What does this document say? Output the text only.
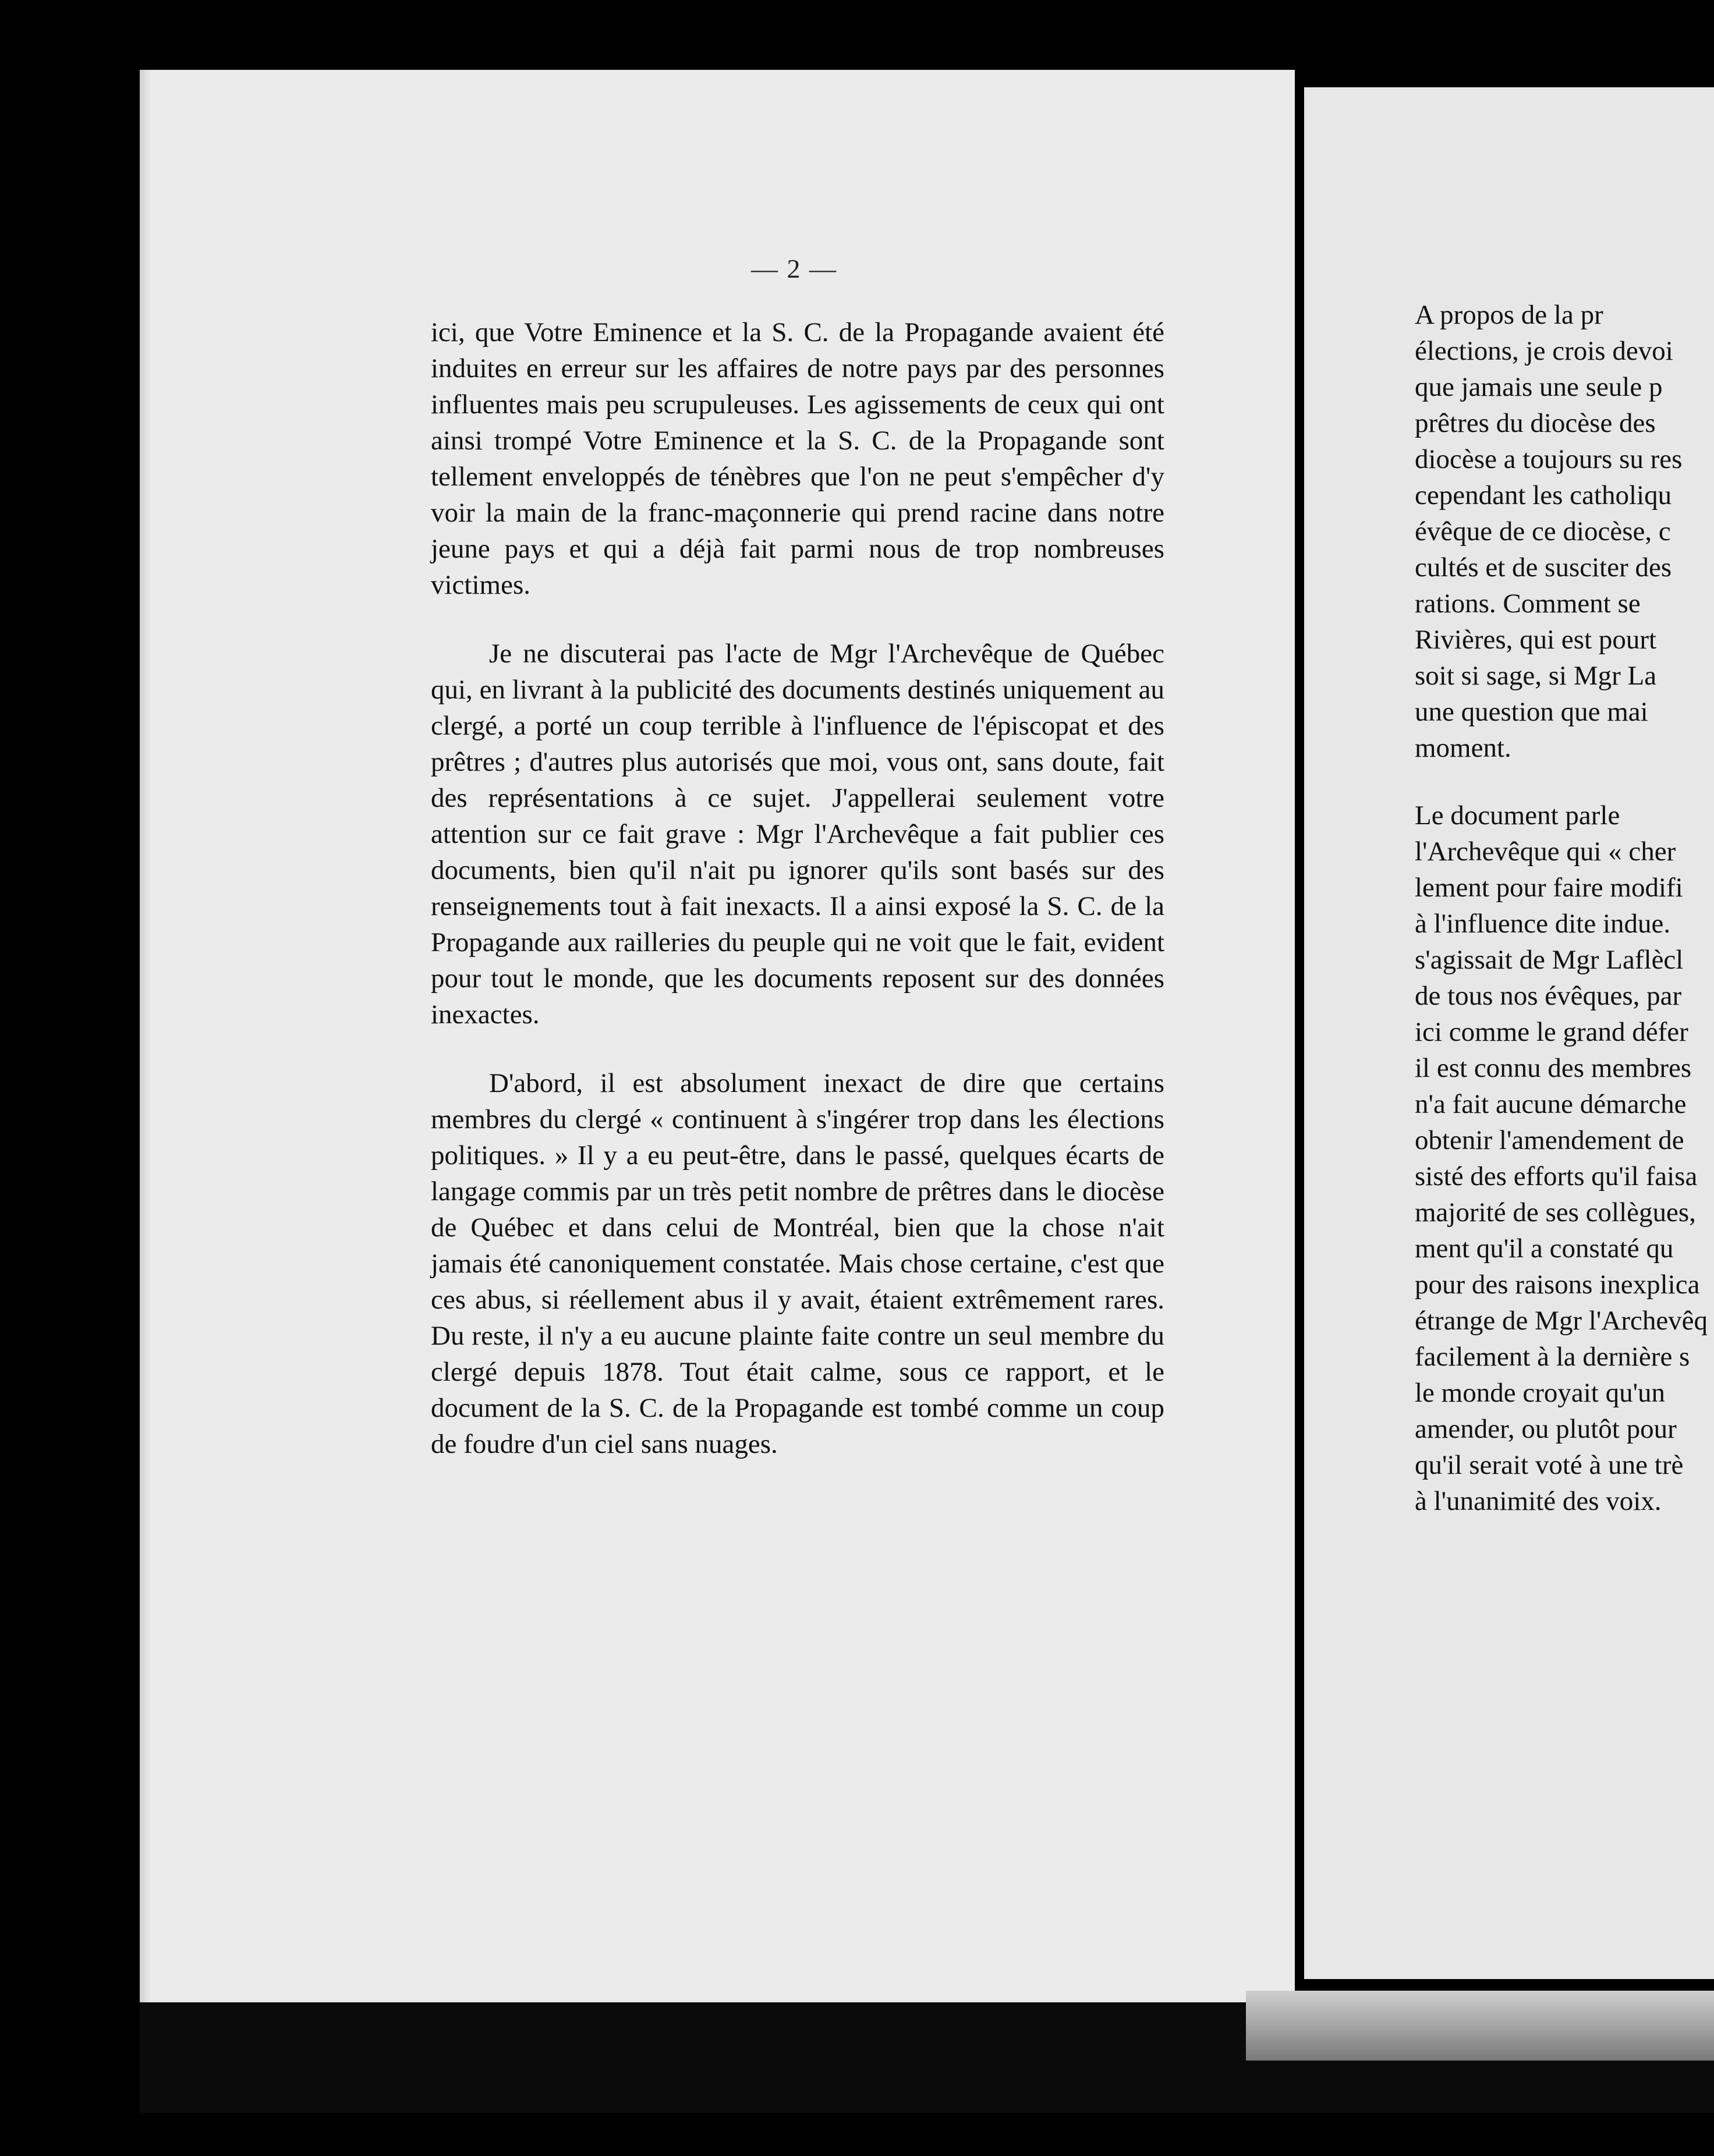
— 2 —

ici, que Votre Eminence et la S. C. de la Propagande avaient été induites en erreur sur les affaires de notre pays par des personnes influentes mais peu scrupuleuses. Les agissements de ceux qui ont ainsi trompé Votre Eminence et la S. C. de la Propagande sont tellement enveloppés de ténèbres que l'on ne peut s'empêcher d'y voir la main de la franc-maçonnerie qui prend racine dans notre jeune pays et qui a déjà fait parmi nous de trop nombreuses victimes.

Je ne discuterai pas l'acte de Mgr l'Archevêque de Québec qui, en livrant à la publicité des documents destinés uniquement au clergé, a porté un coup terrible à l'influence de l'épiscopat et des prêtres ; d'autres plus autorisés que moi, vous ont, sans doute, fait des représentations à ce sujet. J'appellerai seulement votre attention sur ce fait grave : Mgr l'Archevêque a fait publier ces documents, bien qu'il n'ait pu ignorer qu'ils sont basés sur des renseignements tout à fait inexacts. Il a ainsi exposé la S. C. de la Propagande aux railleries du peuple qui ne voit que le fait, evident pour tout le monde, que les documents reposent sur des données inexactes.

D'abord, il est absolument inexact de dire que certains membres du clergé « continuent à s'ingérer trop dans les élections politiques. » Il y a eu peut-être, dans le passé, quelques écarts de langage commis par un très petit nombre de prêtres dans le diocèse de Québec et dans celui de Montréal, bien que la chose n'ait jamais été canoniquement constatée. Mais chose certaine, c'est que ces abus, si réellement abus il y avait, étaient extrêmement rares. Du reste, il n'y a eu aucune plainte faite contre un seul membre du clergé depuis 1878. Tout était calme, sous ce rapport, et le document de la S. C. de la Propagande est tombé comme un coup de foudre d'un ciel sans nuages.

A propos de la pr
élections, je crois devoi
que jamais une seule p
prêtres du diocèse des
diocèse a toujours su res
cependant les catholiqu
évêque de ce diocèse, c
cultés et de susciter des
rations. Comment se
Rivières, qui est pourt
soit si sage, si Mgr La
une question que mai
moment.
Le document parle
l'Archevêque qui « cher
lement pour faire modifi
à l'influence dite indue.
s'agissait de Mgr Laflècl
de tous nos évêques, par
ici comme le grand défer
il est connu des membres
n'a fait aucune démarche
obtenir l'amendement de
sisté des efforts qu'il faisa
majorité de ses collègues,
ment qu'il a constaté qu
pour des raisons inexplica
étrange de Mgr l'Archevêq
facilement à la dernière s
le monde croyait qu'un
amender, ou plutôt pour
qu'il serait voté à une trè
à l'unanimité des voix.
